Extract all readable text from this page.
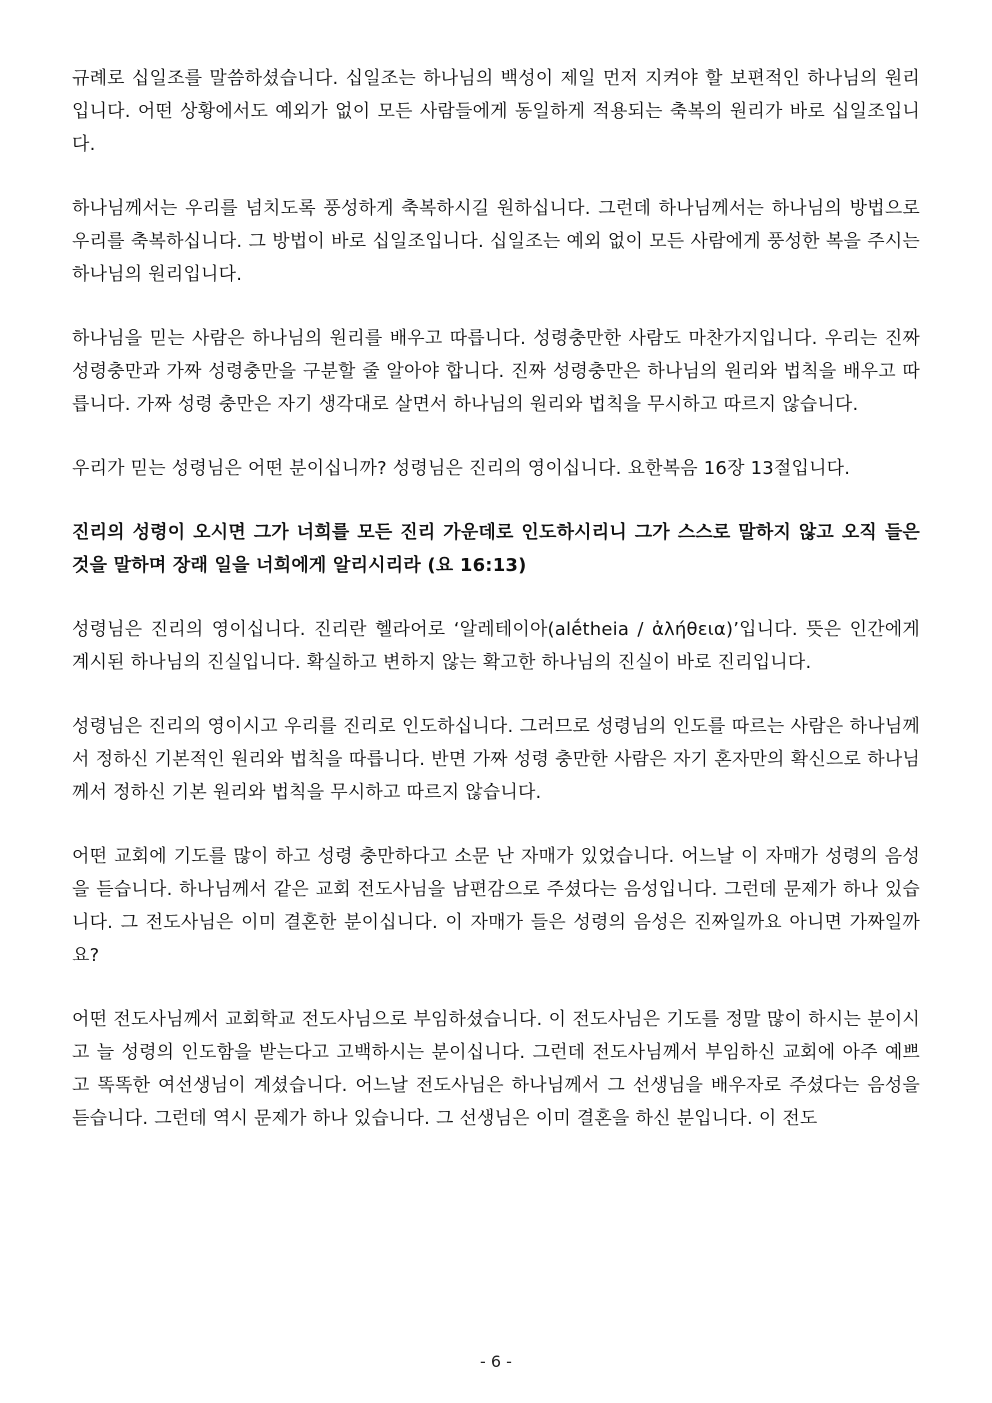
규례로 십일조를 말씀하셨습니다. 십일조는 하나님의 백성이 제일 먼저 지켜야 할 보편적인 하나님의 원리입니다. 어떤 상황에서도 예외가 없이 모든 사람들에게 동일하게 적용되는 축복의 원리가 바로 십일조입니다.

하나님께서는 우리를 넘치도록 풍성하게 축복하시길 원하십니다. 그런데 하나님께서는 하나님의 방법으로 우리를 축복하십니다. 그 방법이 바로 십일조입니다. 십일조는 예외 없이 모든 사람에게 풍성한 복을 주시는 하나님의 원리입니다.

하나님을 믿는 사람은 하나님의 원리를 배우고 따릅니다. 성령충만한 사람도 마찬가지입니다. 우리는 진짜 성령충만과 가짜 성령충만을 구분할 줄 알아야 합니다. 진짜 성령충만은 하나님의 원리와 법칙을 배우고 따릅니다. 가짜 성령 충만은 자기 생각대로 살면서 하나님의 원리와 법칙을 무시하고 따르지 않습니다.

우리가 믿는 성령님은 어떤 분이십니까? 성령님은 진리의 영이십니다. 요한복음 16장 13절입니다.

진리의 성령이 오시면 그가 너희를 모든 진리 가운데로 인도하시리니 그가 스스로 말하지 않고 오직 들은 것을 말하며 장래 일을 너희에게 알리시리라 (요 16:13)

성령님은 진리의 영이십니다. 진리란 헬라어로 ‘알레테이아(alḗtheia / ἀλήθεια)’입니다. 뜻은 인간에게 계시된 하나님의 진실입니다. 확실하고 변하지 않는 확고한 하나님의 진실이 바로 진리입니다.

성령님은 진리의 영이시고 우리를 진리로 인도하십니다. 그러므로 성령님의 인도를 따르는 사람은 하나님께서 정하신 기본적인 원리와 법칙을 따릅니다. 반면 가짜 성령 충만한 사람은 자기 혼자만의 확신으로 하나님께서 정하신 기본 원리와 법칙을 무시하고 따르지 않습니다.

어떤 교회에 기도를 많이 하고 성령 충만하다고 소문 난 자매가 있었습니다. 어느날 이 자매가 성령의 음성을 듣습니다. 하나님께서 같은 교회 전도사님을 남편감으로 주셨다는 음성입니다. 그런데 문제가 하나 있습니다. 그 전도사님은 이미 결혼한 분이십니다. 이 자매가 들은 성령의 음성은 진짜일까요 아니면 가짜일까요?

어떤 전도사님께서 교회학교 전도사님으로 부임하셨습니다. 이 전도사님은 기도를 정말 많이 하시는 분이시고 늘 성령의 인도함을 받는다고 고백하시는 분이십니다. 그런데 전도사님께서 부임하신 교회에 아주 예쁘고 똑똑한 여선생님이 계셨습니다. 어느날 전도사님은 하나님께서 그 선생님을 배우자로 주셨다는 음성을 듣습니다. 그런데 역시 문제가 하나 있습니다. 그 선생님은 이미 결혼을 하신 분입니다. 이 전도

- 6 -
